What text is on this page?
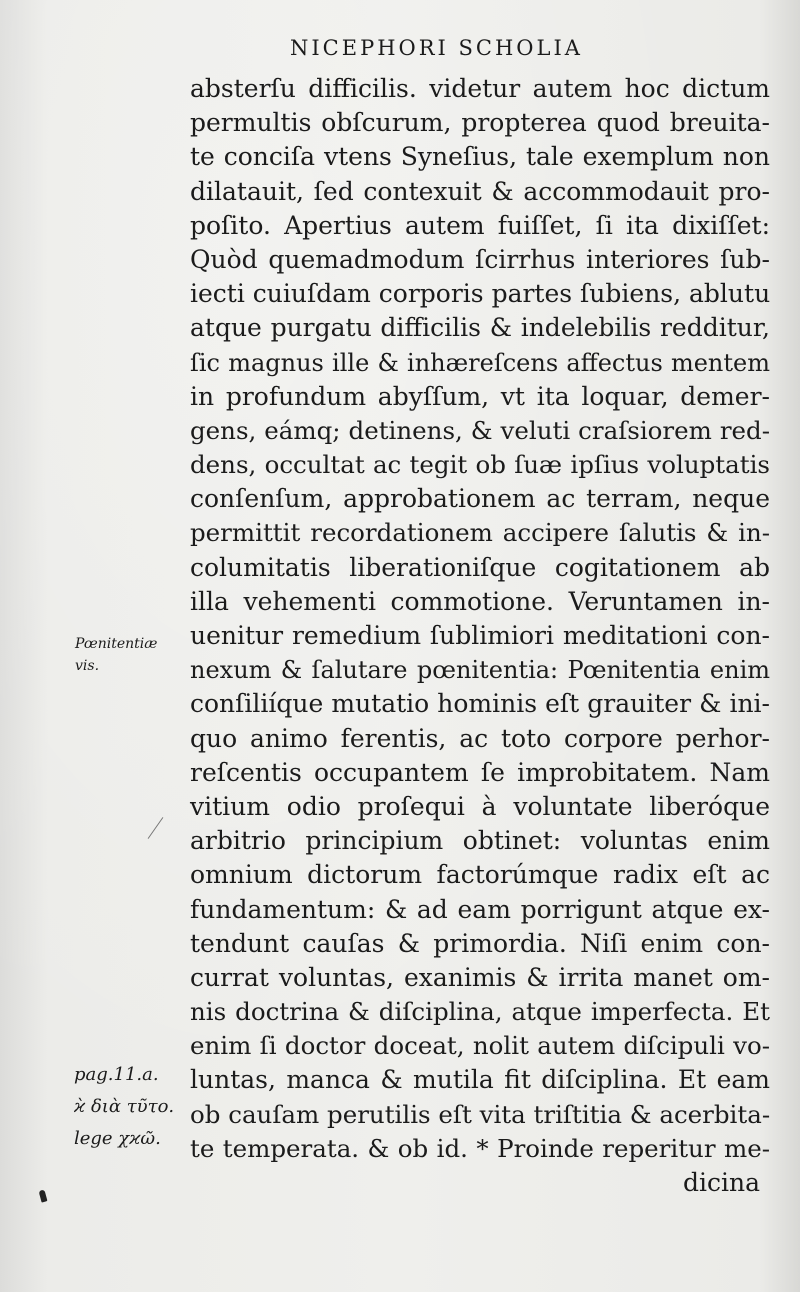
NICEPHORI SCHOLIA
absterſu difficilis. videtur autem hoc dictum
permultis obſcurum, propterea quod breuita-
te conciſa vtens Syneſius, tale exemplum non
dilatauit, ſed contexuit & accommodauit pro-
poſito. Apertius autem fuiſſet, ſi ita dixiſſet:
Quòd quemadmodum ſcirrhus interiores ſub-
iecti cuiuſdam corporis partes ſubiens, ablutu
atque purgatu difficilis & indelebilis redditur,
ſic magnus ille & inhæreſcens affectus mentem
in profundum abyſſum, vt ita loquar, demer-
gens, eámq; detinens, & veluti craſsiorem red-
dens, occultat ac tegit ob ſuæ ipſius voluptatis
conſenſum, approbationem ac terram, neque
permittit recordationem accipere ſalutis & in-
columitatis liberationiſque cogitationem ab
illa vehementi commotione. Veruntamen in-
uenitur remedium ſublimiori meditationi con-
nexum & ſalutare pœnitentia: Pœnitentia enim
conſiliíque mutatio hominis eſt grauiter & ini-
quo animo ferentis, ac toto corpore perhor-
reſcentis occupantem ſe improbitatem. Nam
vitium odio proſequi à voluntate liberóque
arbitrio principium obtinet: voluntas enim
omnium dictorum factorúmque radix eſt ac
fundamentum: & ad eam porrigunt atque ex-
tendunt cauſas & primordia. Niſi enim con-
currat voluntas, exanimis & irrita manet om-
nis doctrina & diſciplina, atque imperfecta. Et
enim ſi doctor doceat, nolit autem diſcipuli vo-
luntas, manca & mutila fit diſciplina. Et eam
ob cauſam perutilis eſt vita triſtitia & acerbita-
te temperata. & ob id. * Proinde reperitur me-
dicina
Pœnitentiæ
vis.
pag.11.a.
ϰ̀ διὰ τῦτο.
lege χϰῶ.
